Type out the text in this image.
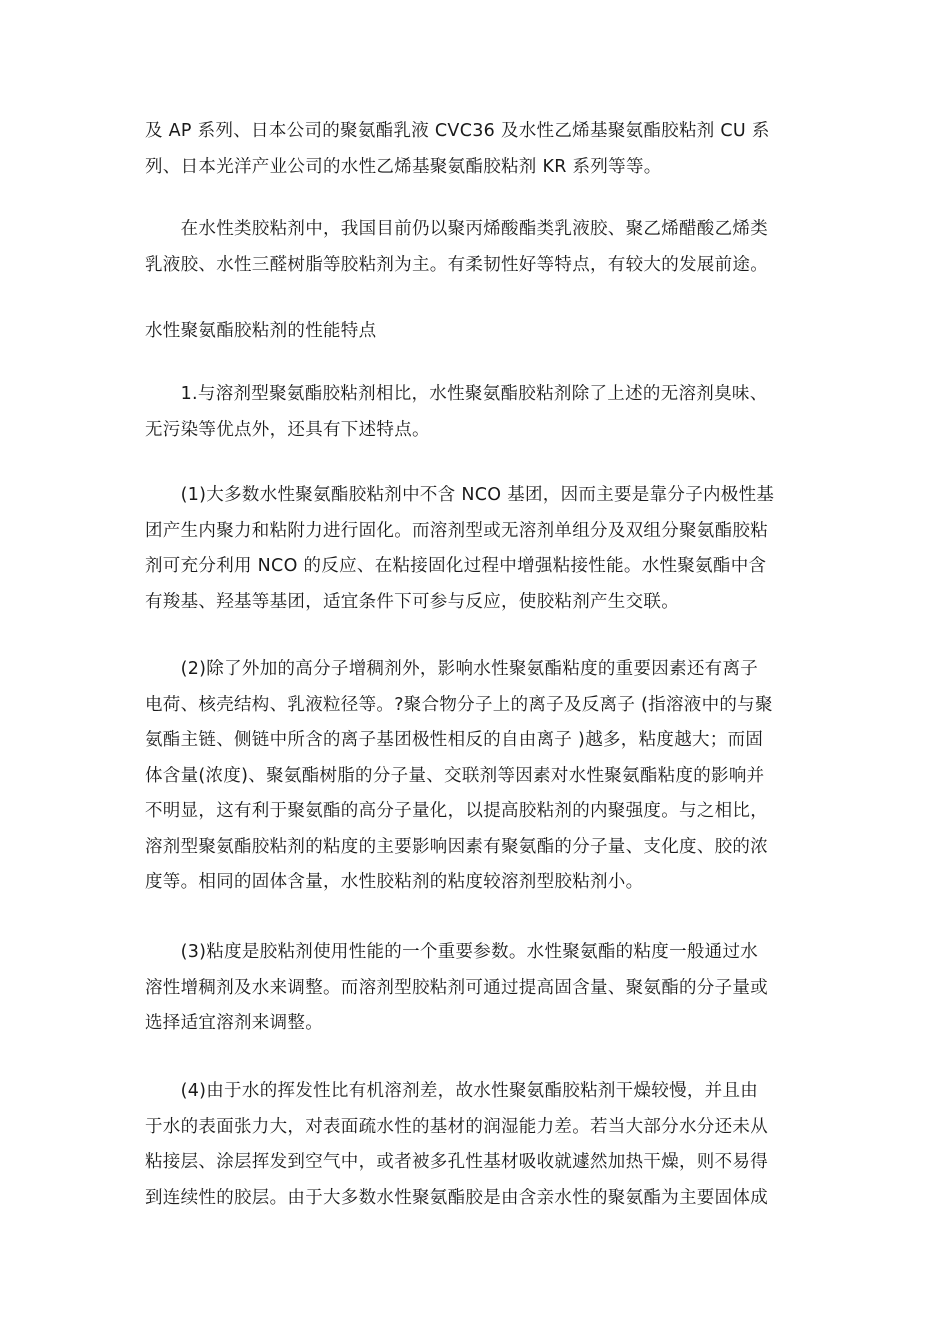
及 AP 系列、日本公司的聚氨酯乳液 CVC36 及水性乙烯基聚氨酯胶粘剂 CU 系
列、日本光洋产业公司的水性乙烯基聚氨酯胶粘剂 KR 系列等等。

　　在水性类胶粘剂中，我国目前仍以聚丙烯酸酯类乳液胶、聚乙烯醋酸乙烯类
乳液胶、水性三醛树脂等胶粘剂为主。有柔韧性好等特点，有较大的发展前途。

水性聚氨酯胶粘剂的性能特点

　　1.与溶剂型聚氨酯胶粘剂相比，水性聚氨酯胶粘剂除了上述的无溶剂臭味、
无污染等优点外，还具有下述特点。

　　(1)大多数水性聚氨酯胶粘剂中不含 NCO 基团，因而主要是靠分子内极性基
团产生内聚力和粘附力进行固化。而溶剂型或无溶剂单组分及双组分聚氨酯胶粘
剂可充分利用 NCO 的反应、在粘接固化过程中增强粘接性能。水性聚氨酯中含
有羧基、羟基等基团，适宜条件下可参与反应，使胶粘剂产生交联。

　　(2)除了外加的高分子增稠剂外，影响水性聚氨酯粘度的重要因素还有离子
电荷、核壳结构、乳液粒径等。?聚合物分子上的离子及反离子 (指溶液中的与聚
氨酯主链、侧链中所含的离子基团极性相反的自由离子 )越多，粘度越大；而固
体含量(浓度)、聚氨酯树脂的分子量、交联剂等因素对水性聚氨酯粘度的影响并
不明显，这有利于聚氨酯的高分子量化，以提高胶粘剂的内聚强度。与之相比，
溶剂型聚氨酯胶粘剂的粘度的主要影响因素有聚氨酯的分子量、支化度、胶的浓
度等。相同的固体含量，水性胶粘剂的粘度较溶剂型胶粘剂小。

　　(3)粘度是胶粘剂使用性能的一个重要参数。水性聚氨酯的粘度一般通过水
溶性增稠剂及水来调整。而溶剂型胶粘剂可通过提高固含量、聚氨酯的分子量或
选择适宜溶剂来调整。

　　(4)由于水的挥发性比有机溶剂差，故水性聚氨酯胶粘剂干燥较慢，并且由
于水的表面张力大，对表面疏水性的基材的润湿能力差。若当大部分水分还未从
粘接层、涂层挥发到空气中，或者被多孔性基材吸收就遽然加热干燥，则不易得
到连续性的胶层。由于大多数水性聚氨酯胶是由含亲水性的聚氨酯为主要固体成
